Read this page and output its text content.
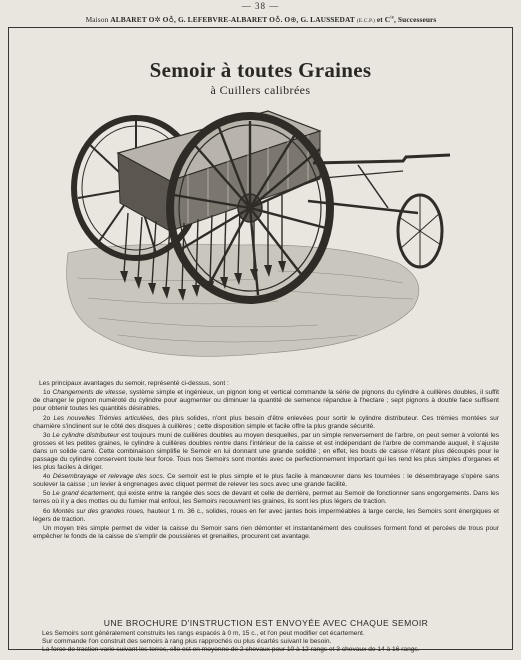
— 38 —
Maison ALBARET O✲ O♁, G. LEFEBVRE-ALBARET O♁. O⊕, G. LAUSSEDAT (E.C.P.) et $C^{ie}$, Successeurs
Semoir à toutes Graines
à Cuillers calibrées

Les principaux avantages du semoir, représenté ci-dessus, sont :

1o Changements de vitesse, système simple et ingénieux, un pignon long et vertical commande la série de pignons du cylindre à cuillères doubles, il suffit de changer le pignon numéroté du cylindre pour augmenter ou diminuer la quantité de semence répandue à l'hectare ; sept pignons à double face suffisent pour obtenir toutes les quantités désirables.

2o Les nouvelles Trémies articulées, des plus solides, n'ont plus besoin d'être enlevées pour sortir le cylindre distributeur. Ces trémies montées sur charnière s'inclinent sur le côté des disques à cuillères ; cette disposition simple et facile offre la plus grande sécurité.

3o Le cylindre distributeur est toujours muni de cuillères doubles au moyen desquelles, par un simple renversement de l'arbre, on peut semer à volonté les grosses et les petites graines, le cylindre à cuillères doubles rentre dans l'intérieur de la caisse et est indépendant de l'arbre de commande auquel, il s'ajuste dans un solide carré. Cette combinaison simplifie le Semoir en lui donnant une grande solidité ; en effet, les bouts de caisse n'étant plus découpés pour le passage du cylindre conservent toute leur force. Tous nos Semoirs sont montés avec ce perfectionnement important qui les rend les plus simples d'organes et les plus faciles à diriger.

4o Désembrayage et relevage des socs. Ce semoir est le plus simple et le plus facile à manœuvrer dans les tournées : le désembrayage s'opère sans soulever la caisse ; un levier à engrenages avec cliquet permet de relever les socs avec une grande facilité.

5o Le grand écartement, qui existe entre la rangée des socs de devant et celle de derrière, permet au Semoir de fonctionner sans engorgements. Dans les terres où il y a des mottes ou du fumier mal enfoui, les Semoirs recouvrent les graines, ils sont les plus légers de traction.

6o Montés sur des grandes roues, hauteur 1 m. 36 c., solides, roues en fer avec jantes bois imperméables à large cercle, les Semoirs sont énergiques et légers de traction.

Un moyen très simple permet de vider la caisse du Semoir sans rien démonter et instantanément des coulisses forment fond et percées de trous pour empêcher le fonds de la caisse de s'emplir de poussières et grenailles, procurent cet avantage.

UNE BROCHURE D'INSTRUCTION EST ENVOYÉE AVEC CHAQUE SEMOIR

Les Semoirs sont généralement construits les rangs espacés à 0 m, 15 c., et l'on peut modifier cet écartement.

Sur commande l'on construit des semoirs à rang plus rapprochés ou plus écartés suivant le besoin.

La force de traction varie suivant les terres, elle est en moyenne de 2 chevaux pour 10 à 12 rangs et 3 chevaux de 14 à 16 rangs.
